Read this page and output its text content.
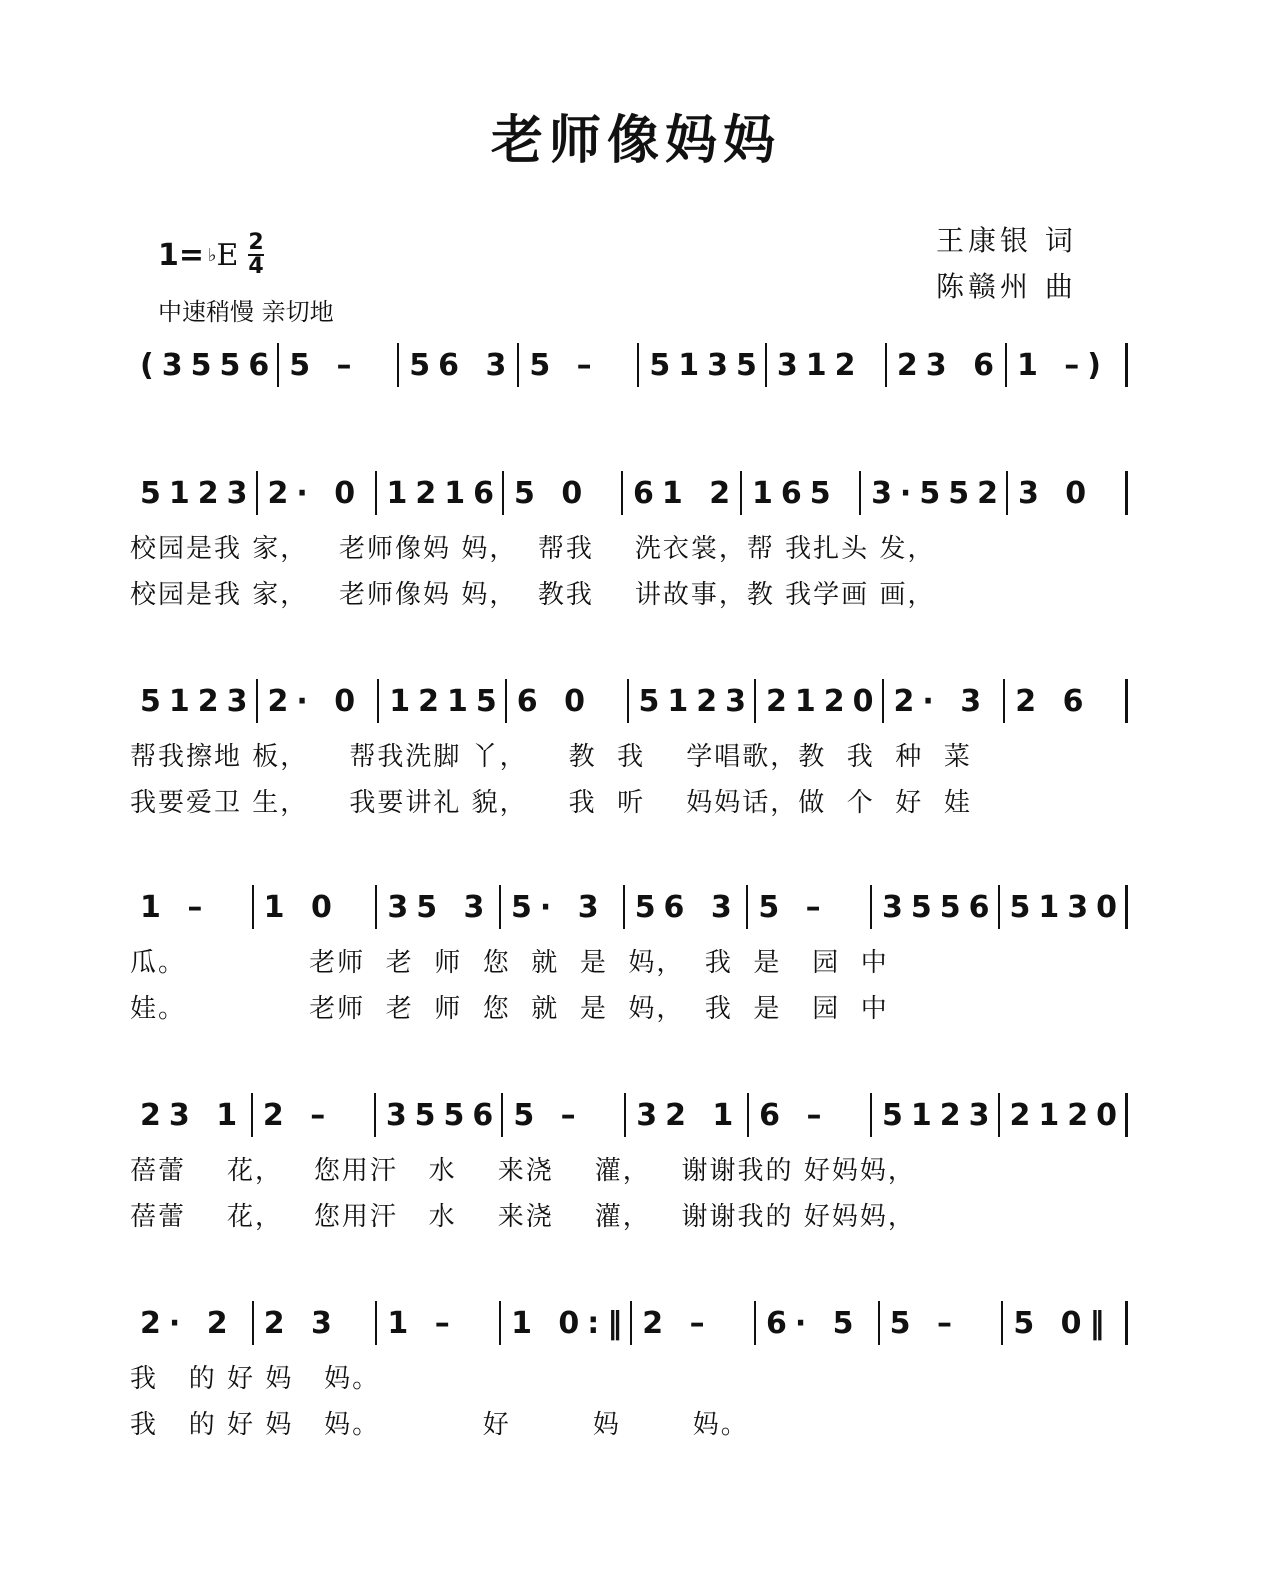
老师像妈妈
1= ♭ E $\frac{2}{4}$
中速稍慢 亲切地
王康银 词
陈赣州 曲
(3556 5 –	56 3 5 –	5135 312	23 6 1 –)
5123 2· 0 1216 5 0	61 2 165	3·552 3 0
校园是我 家，   老师像妈 妈，  帮我    洗衣裳，帮 我扎头 发，
校园是我 家，   老师像妈 妈，  教我    讲故事，教 我学画 画，
5123 2· 0 1215 6 0	5123 2120 2· 3 2 6
帮我擦地 板，    帮我洗脚 丫，    教  我    学唱歌，教  我  种  菜
我要爱卫 生，    我要讲礼 貌，    我  听    妈妈话，做  个  好  娃
1 –	1 0	35 3 5· 3 56 3 5 –	3556 5130
瓜。            老师  老  师  您  就  是  妈，  我  是   园  中
娃。            老师  老  师  您  就  是  妈，  我  是   园  中
23 1 2 –	3556 5 –	32 1 6 –	5123 2120
蓓蕾    花，   您用汗   水    来浇    灌，   谢谢我的 好妈妈，
蓓蕾    花，   您用汗   水    来浇    灌，   谢谢我的 好妈妈，
2· 2 2 3	1 –	1 0:‖ 2 –	6· 5 5 –	5 0‖
我   的 好 妈   妈。
我   的 好 妈   妈。          好        妈       妈。
